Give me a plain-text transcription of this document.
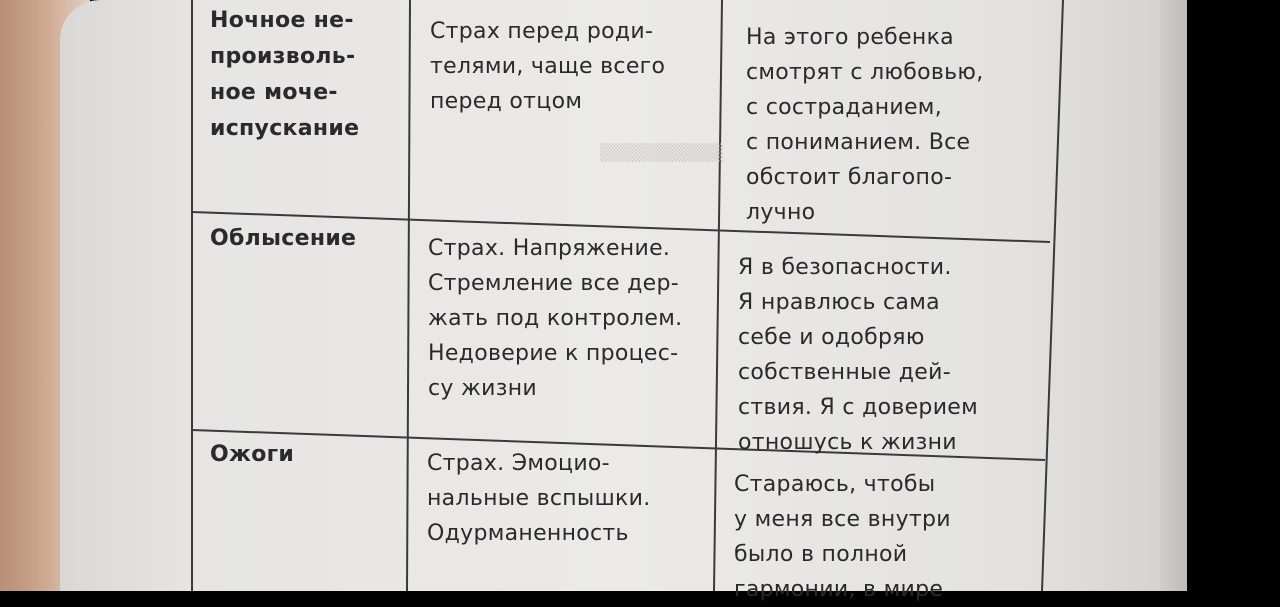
▒▒▒▒▒▒▒▒▒▒
Ночное не-
произволь-
ное моче-
испускание
Страх перед роди-
телями, чаще всего
перед отцом
На этого ребенка
смотрят с любовью,
с состраданием,
с пониманием. Все
обстоит благопо-
лучно
Облысение	Страх. Напряжение.
Стремление все дер-
жать под контролем.
Недоверие к процес-
су жизни
Я в безопасности.
Я нравлюсь сама
себе и одобряю
собственные дей-
ствия. Я с доверием
отношусь к жизни
Ожоги	Страх. Эмоцио-
нальные вспышки.
Одурманенность
Стараюсь, чтобы
у меня все внутри
было в полной
гармонии, в мире
